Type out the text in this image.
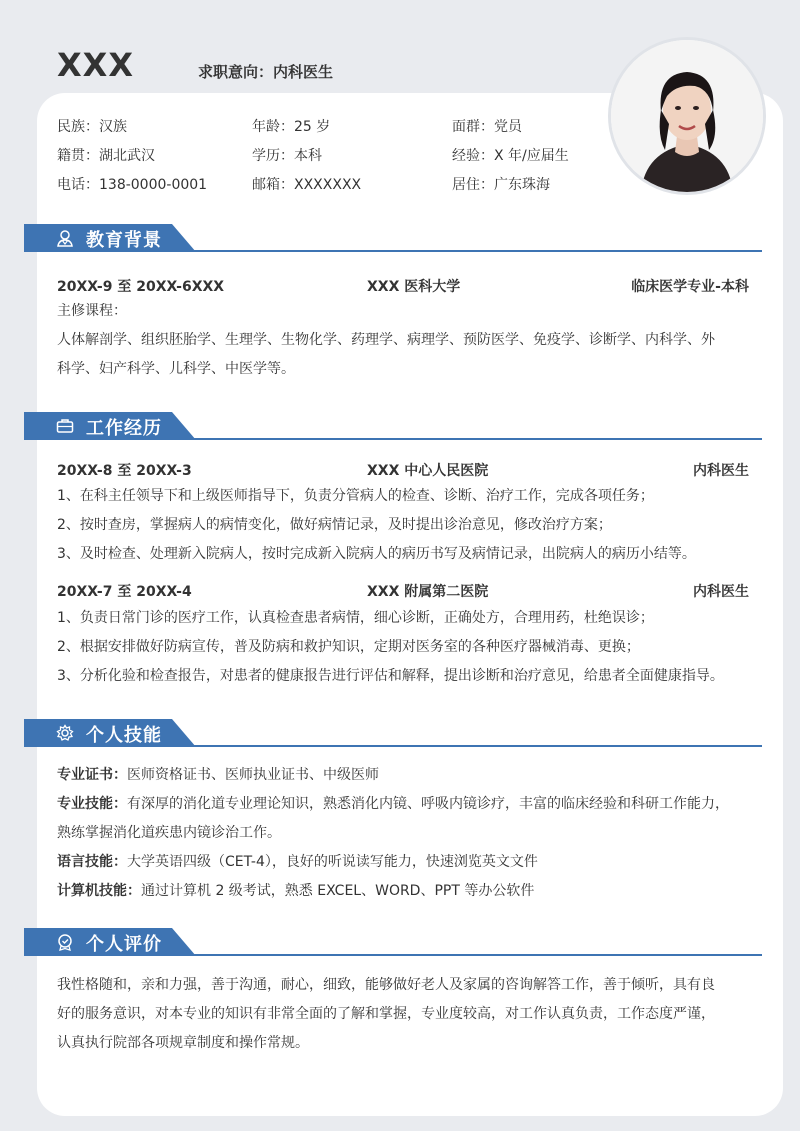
XXX	求职意向：内科医生
民族：汉族	年龄：25 岁	面群：党员
籍贯：湖北武汉	学历：本科	经验：X 年/应届生
电话：138-0000-0001	邮箱：XXXXXXX	居住：广东珠海
教育背景
20XX-9 至 20XX-6XXX	XXX 医科大学	临床医学专业-本科
主修课程：
人体解剖学、组织胚胎学、生理学、生物化学、药理学、病理学、预防医学、免疫学、诊断学、内科学、外
科学、妇产科学、儿科学、中医学等。
工作经历
20XX-8 至 20XX-3	XXX 中心人民医院	内科医生
1、在科主任领导下和上级医师指导下，负责分管病人的检查、诊断、治疗工作，完成各项任务；
2、按时查房，掌握病人的病情变化，做好病情记录，及时提出诊治意见，修改治疗方案；
3、及时检查、处理新入院病人，按时完成新入院病人的病历书写及病情记录，出院病人的病历小结等。
20XX-7 至 20XX-4	XXX 附属第二医院	内科医生
1、负责日常门诊的医疗工作，认真检查患者病情，细心诊断，正确处方，合理用药，杜绝误诊；
2、根据安排做好防病宣传，普及防病和救护知识，定期对医务室的各种医疗器械消毒、更换；
3、分析化验和检查报告，对患者的健康报告进行评估和解释，提出诊断和治疗意见，给患者全面健康指导。
个人技能
专业证书：医师资格证书、医师执业证书、中级医师
专业技能：有深厚的消化道专业理论知识，熟悉消化内镜、呼吸内镜诊疗，丰富的临床经验和科研工作能力，
熟练掌握消化道疾患内镜诊治工作。
语言技能：大学英语四级（CET-4），良好的听说读写能力，快速浏览英文文件
计算机技能：通过计算机 2 级考试，熟悉 EXCEL、WORD、PPT 等办公软件
个人评价
我性格随和，亲和力强，善于沟通，耐心，细致，能够做好老人及家属的咨询解答工作，善于倾听，具有良
好的服务意识，对本专业的知识有非常全面的了解和掌握，专业度较高，对工作认真负责，工作态度严谨，
认真执行院部各项规章制度和操作常规。
